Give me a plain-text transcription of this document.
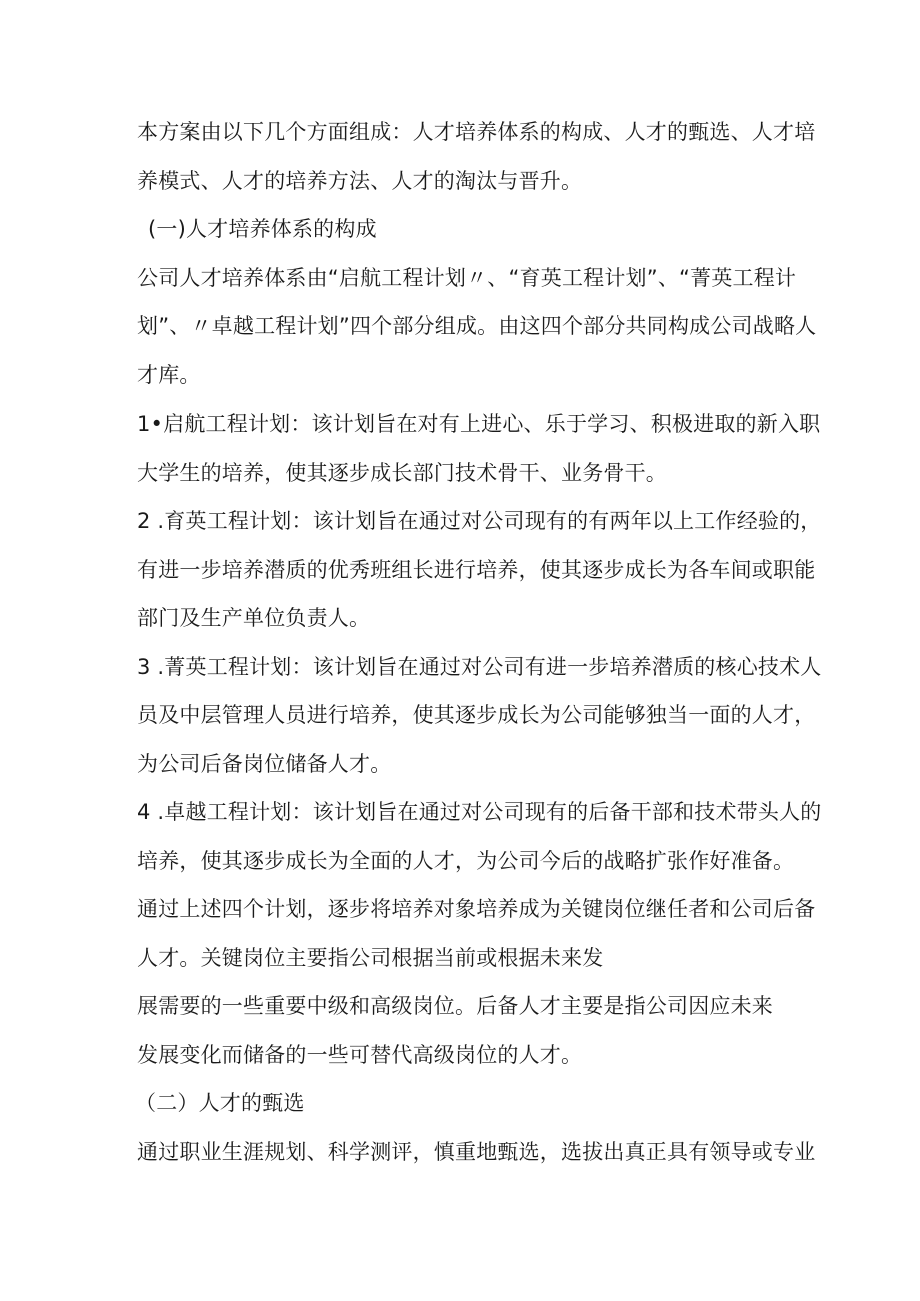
本方案由以下几个方面组成：人才培养体系的构成、人才的甄选、人才培

养模式、人才的培养方法、人才的淘汰与晋升。

(一)人才培养体系的构成

公司人才培养体系由“启航工程计划〃、“育英工程计划”、“菁英工程计

划”、〃卓越工程计划”四个部分组成。由这四个部分共同构成公司战略人

才库。

1•启航工程计划：该计划旨在对有上进心、乐于学习、积极进取的新入职

大学生的培养，使其逐步成长部门技术骨干、业务骨干。

2 .育英工程计划：该计划旨在通过对公司现有的有两年以上工作经验的，

有进一步培养潜质的优秀班组长进行培养，使其逐步成长为各车间或职能

部门及生产单位负责人。

3 .菁英工程计划：该计划旨在通过对公司有进一步培养潜质的核心技术人

员及中层管理人员进行培养，使其逐步成长为公司能够独当一面的人才，

为公司后备岗位储备人才。

4 .卓越工程计划：该计划旨在通过对公司现有的后备干部和技术带头人的

培养，使其逐步成长为全面的人才，为公司今后的战略扩张作好准备。

通过上述四个计划，逐步将培养对象培养成为关键岗位继任者和公司后备

人才。关键岗位主要指公司根据当前或根据未来发

展需要的一些重要中级和高级岗位。后备人才主要是指公司因应未来

发展变化而储备的一些可替代高级岗位的人才。

（二）人才的甄选

通过职业生涯规划、科学测评，慎重地甄选，选拔出真正具有领导或专业
